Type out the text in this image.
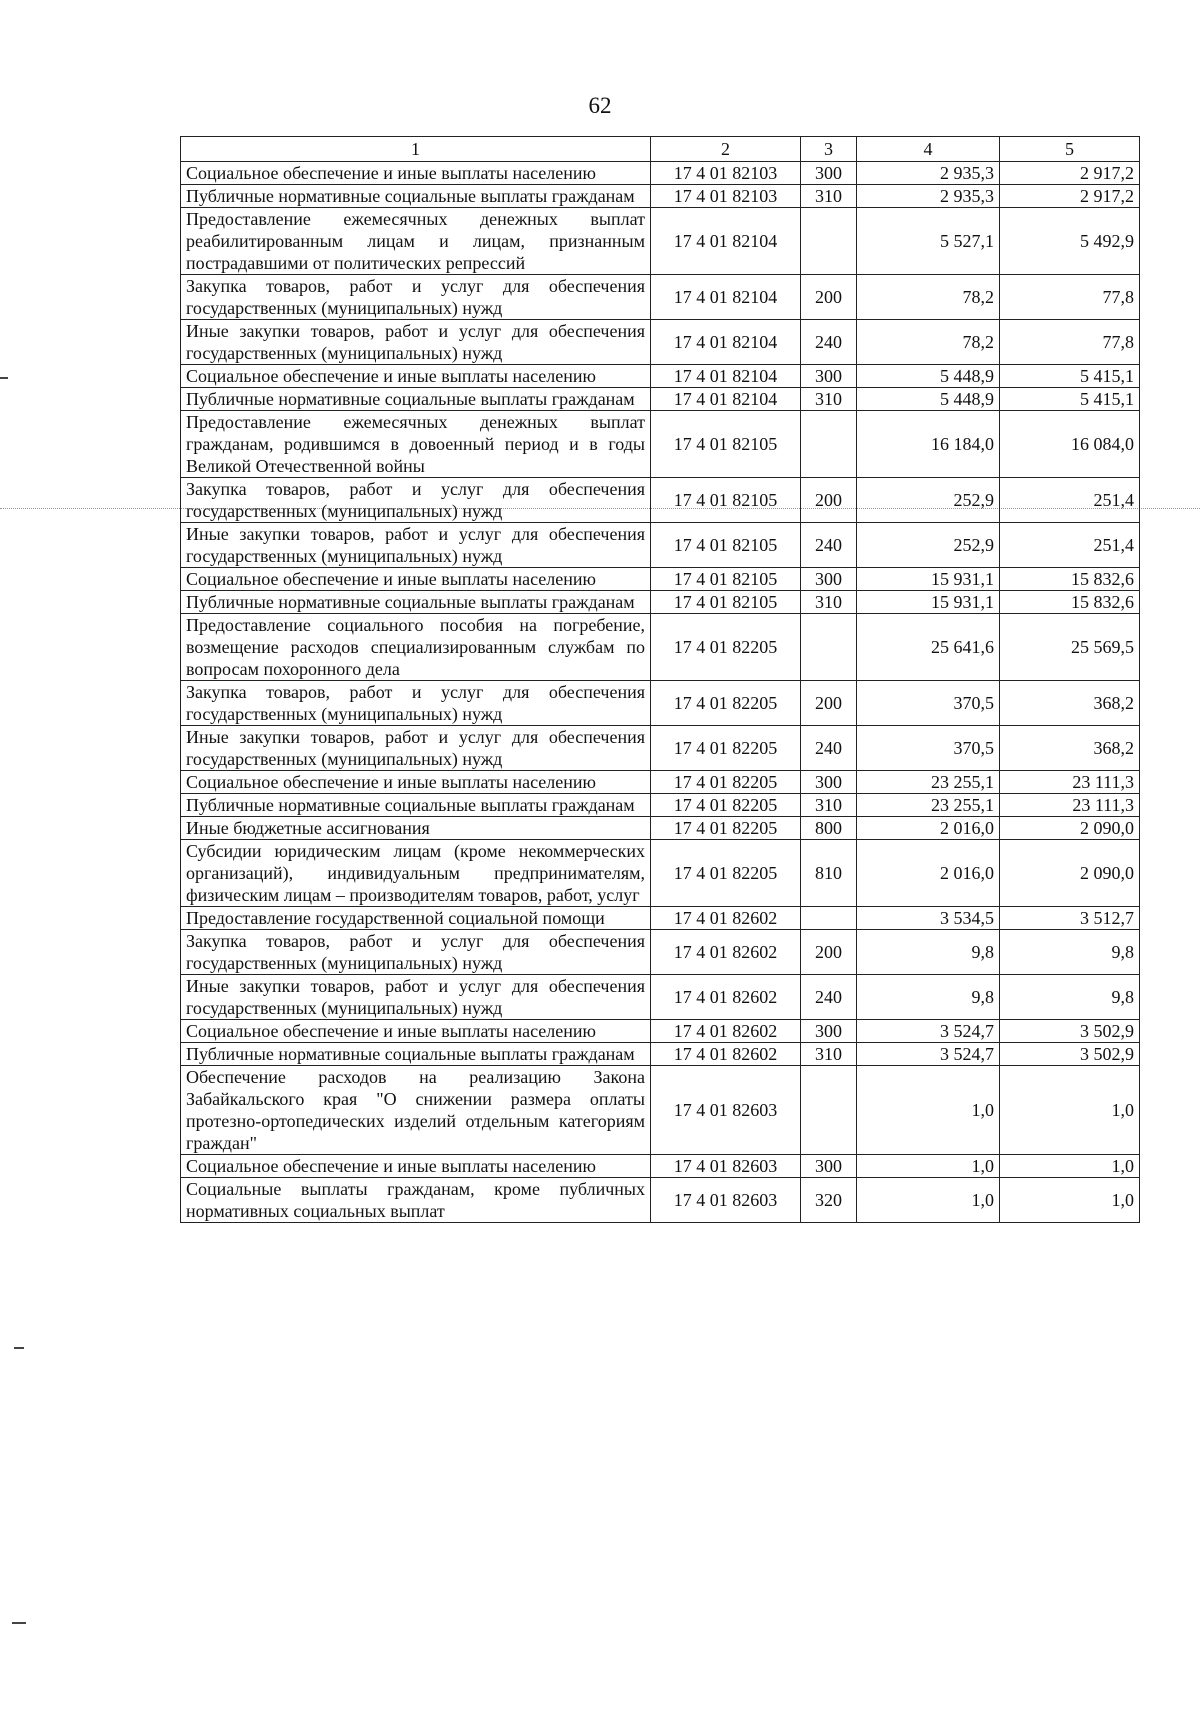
62
1	2	3	4	5
Социальное обеспечение и иные выплаты населению	17 4 01 82103	300	2 935,3	2 917,2
Публичные нормативные социальные выплаты гражданам	17 4 01 82103	310	2 935,3	2 917,2
Предоставление ежемесячных денежных выплат реабилитированным лицам и лицам, признанным пострадавшими от политических репрессий	17 4 01 82104		5 527,1	5 492,9
Закупка товаров, работ и услуг для обеспечения государственных (муниципальных) нужд	17 4 01 82104	200	78,2	77,8
Иные закупки товаров, работ и услуг для обеспечения государственных (муниципальных) нужд	17 4 01 82104	240	78,2	77,8
Социальное обеспечение и иные выплаты населению	17 4 01 82104	300	5 448,9	5 415,1
Публичные нормативные социальные выплаты гражданам	17 4 01 82104	310	5 448,9	5 415,1
Предоставление ежемесячных денежных выплат гражданам, родившимся в довоенный период и в годы Великой Отечественной войны	17 4 01 82105		16 184,0	16 084,0
Закупка товаров, работ и услуг для обеспечения государственных (муниципальных) нужд	17 4 01 82105	200	252,9	251,4
Иные закупки товаров, работ и услуг для обеспечения государственных (муниципальных) нужд	17 4 01 82105	240	252,9	251,4
Социальное обеспечение и иные выплаты населению	17 4 01 82105	300	15 931,1	15 832,6
Публичные нормативные социальные выплаты гражданам	17 4 01 82105	310	15 931,1	15 832,6
Предоставление социального пособия на погребение, возмещение расходов специализированным службам по вопросам похоронного дела	17 4 01 82205		25 641,6	25 569,5
Закупка товаров, работ и услуг для обеспечения государственных (муниципальных) нужд	17 4 01 82205	200	370,5	368,2
Иные закупки товаров, работ и услуг для обеспечения государственных (муниципальных) нужд	17 4 01 82205	240	370,5	368,2
Социальное обеспечение и иные выплаты населению	17 4 01 82205	300	23 255,1	23 111,3
Публичные нормативные социальные выплаты гражданам	17 4 01 82205	310	23 255,1	23 111,3
Иные бюджетные ассигнования	17 4 01 82205	800	2 016,0	2 090,0
Субсидии юридическим лицам (кроме некоммерческих организаций), индивидуальным предпринимателям, физическим лицам – производителям товаров, работ, услуг	17 4 01 82205	810	2 016,0	2 090,0
Предоставление государственной социальной помощи	17 4 01 82602		3 534,5	3 512,7
Закупка товаров, работ и услуг для обеспечения государственных (муниципальных) нужд	17 4 01 82602	200	9,8	9,8
Иные закупки товаров, работ и услуг для обеспечения государственных (муниципальных) нужд	17 4 01 82602	240	9,8	9,8
Социальное обеспечение и иные выплаты населению	17 4 01 82602	300	3 524,7	3 502,9
Публичные нормативные социальные выплаты гражданам	17 4 01 82602	310	3 524,7	3 502,9
Обеспечение расходов на реализацию Закона Забайкальского края "О снижении размера оплаты протезно-ортопедических изделий отдельным категориям граждан"	17 4 01 82603		1,0	1,0
Социальное обеспечение и иные выплаты населению	17 4 01 82603	300	1,0	1,0
Социальные выплаты гражданам, кроме публичных нормативных социальных выплат	17 4 01 82603	320	1,0	1,0
